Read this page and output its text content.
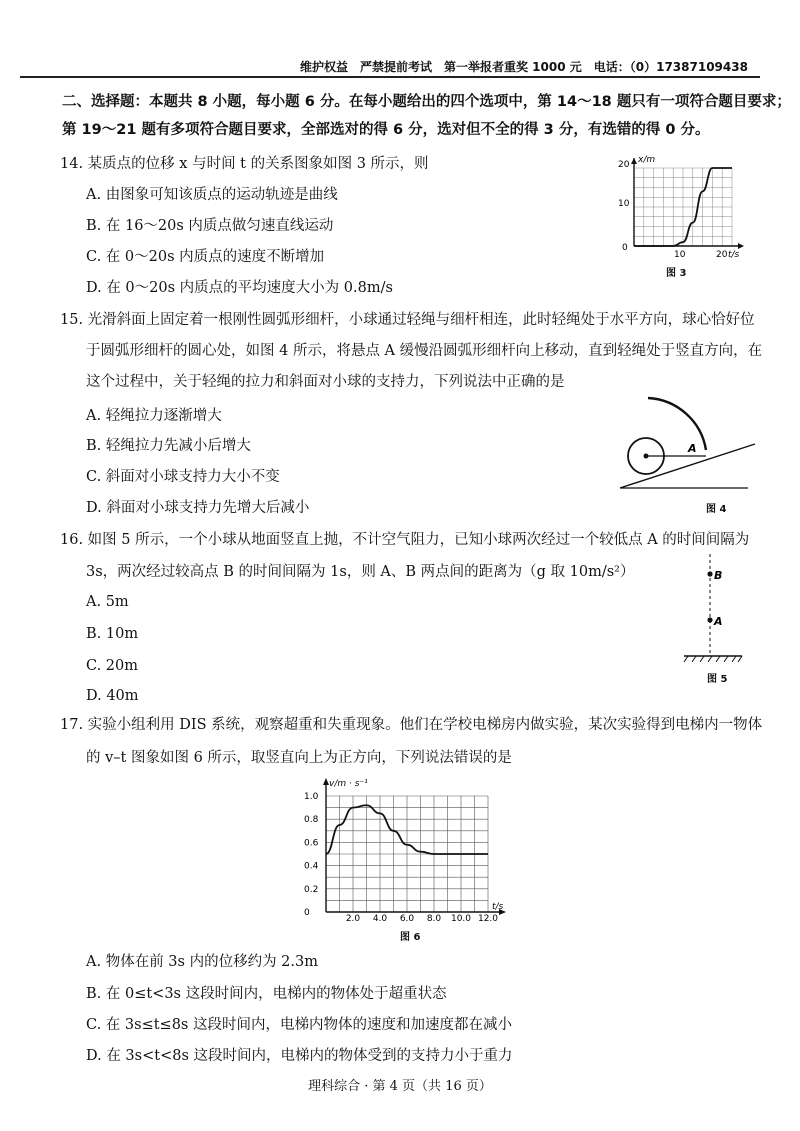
维护权益　严禁提前考试　第一举报者重奖 1000 元　电话：（0）17387109438
二、选择题：本题共 8 小题，每小题 6 分。在每小题给出的四个选项中，第 14～18 题只有一项符合题目要求；
第 19～21 题有多项符合题目要求，全部选对的得 6 分，选对但不全的得 3 分，有选错的得 0 分。
14. 某质点的位移 x 与时间 t 的关系图象如图 3 所示，则
A. 由图象可知该质点的运动轨迹是曲线
B. 在 16～20s 内质点做匀速直线运动
C. 在 0～20s 内质点的速度不断增加
D. 在 0～20s 内质点的平均速度大小为 0.8m/s
x/m
20
10
0
10	20 t/s
图 3
15. 光滑斜面上固定着一根刚性圆弧形细杆，小球通过轻绳与细杆相连，此时轻绳处于水平方向，球心恰好位
于圆弧形细杆的圆心处，如图 4 所示，将悬点 A 缓慢沿圆弧形细杆向上移动，直到轻绳处于竖直方向，在
这个过程中，关于轻绳的拉力和斜面对小球的支持力，下列说法中正确的是
A. 轻绳拉力逐渐增大
B. 轻绳拉力先减小后增大
C. 斜面对小球支持力大小不变
D. 斜面对小球支持力先增大后减小
A
图 4
16. 如图 5 所示，一个小球从地面竖直上抛，不计空气阻力，已知小球两次经过一个较低点 A 的时间间隔为
3s，两次经过较高点 B 的时间间隔为 1s，则 A、B 两点间的距离为（g 取 10m/s²）
A. 5m
B. 10m
C. 20m
D. 40m
B
A
图 5
17. 实验小组利用 DIS 系统，观察超重和失重现象。他们在学校电梯房内做实验，某次实验得到电梯内一物体
的 v–t 图象如图 6 所示，取竖直向上为正方向，下列说法错误的是
v/m · s⁻¹
1.0
0.8
0.6
0.4
0.2
0
2.0 4.0 6.0 8.0 10.0 12.0
t/s
图 6
A. 物体在前 3s 内的位移约为 2.3m
B. 在 0≤t<3s 这段时间内，电梯内的物体处于超重状态
C. 在 3s≤t≤8s 这段时间内，电梯内物体的速度和加速度都在减小
D. 在 3s<t<8s 这段时间内，电梯内的物体受到的支持力小于重力
理科综合 · 第 4 页（共 16 页）
